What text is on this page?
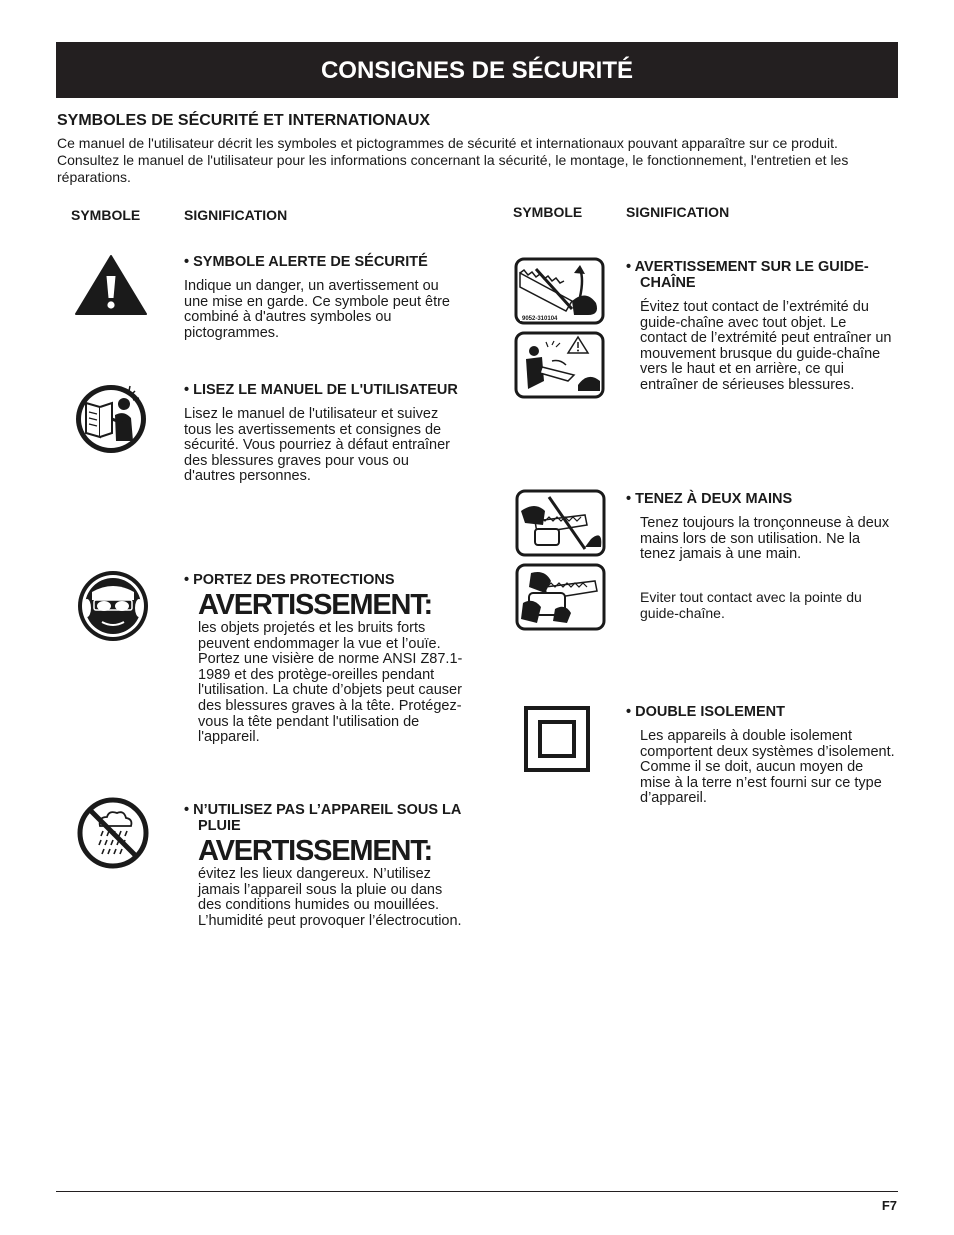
CONSIGNES DE SÉCURITÉ
SYMBOLES DE SÉCURITÉ ET INTERNATIONAUX
Ce manuel de l'utilisateur décrit les symboles et pictogrammes de sécurité et internationaux pouvant apparaître sur ce produit. Consultez le manuel de l'utilisateur pour les informations concernant la sécurité, le montage, le fonctionnement, l'entretien et les réparations.
SYMBOLE	SIGNIFICATION	SYMBOLE	SIGNIFICATION
• SYMBOLE ALERTE DE SÉCURITÉ
Indique un danger, un avertissement ou une mise en garde. Ce symbole peut être combiné à d'autres symboles ou pictogrammes.
• LISEZ LE MANUEL DE L'UTILISATEUR
Lisez le manuel de l'utilisateur et suivez tous les avertissements et consignes de sécurité. Vous pourriez à défaut entraîner des blessures graves pour vous ou d'autres personnes.
• PORTEZ DES PROTECTIONS
AVERTISSEMENT:
les objets projetés et les bruits forts peuvent endommager la vue et l’ouïe. Portez une visière de norme ANSI Z87.1-1989 et des protège-oreilles pendant l'utilisation. La chute d’objets peut causer des blessures graves à la tête. Protégez-vous la tête pendant l'utilisation de l'appareil.
• N’UTILISEZ PAS L’APPAREIL SOUS LA PLUIE
AVERTISSEMENT:
évitez les lieux dangereux. N’utilisez jamais l’appareil sous la pluie ou dans des conditions humides ou mouillées. L’humidité peut provoquer l’électrocution.
9052-310104
• AVERTISSEMENT SUR LE GUIDE-CHAÎNE
Évitez tout contact de l’extrémité du guide-chaîne avec tout objet. Le contact de l’extrémité peut entraîner un mouvement brusque du guide-chaîne vers le haut et en arrière, ce qui entraîner de sérieuses blessures.
• TENEZ À DEUX MAINS
Tenez toujours la tronçonneuse à deux mains lors de son utilisation. Ne la tenez jamais à une main.
Eviter tout contact avec la pointe du guide-chaîne.
• DOUBLE ISOLEMENT
Les appareils à double isolement comportent deux systèmes d’isolement. Comme il se doit, aucun moyen de mise à la terre n’est fourni sur ce type d’appareil.
F7
